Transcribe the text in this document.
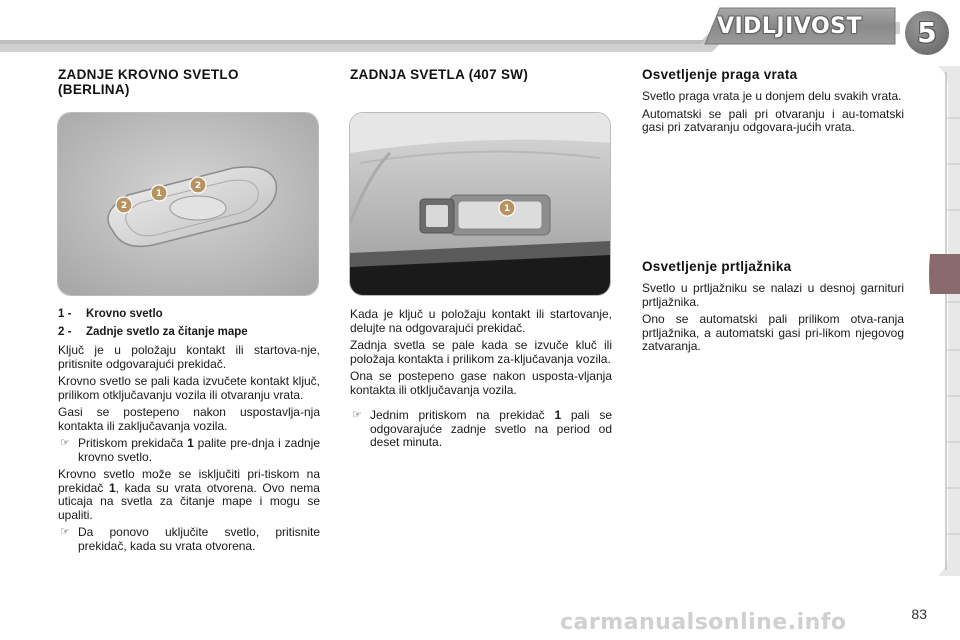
VIDLJIVOST	5
ZADNJE KROVNO SVETLO
(BERLINA)
2
1
2
1 - Krovno svetlo
2 - Zadnje svetlo za čitanje mape

Ključ je u položaju kontakt ili startova-nje, pritisnite odgovarajući prekidač.

Krovno svetlo se pali kada izvučete kontakt ključ, prilikom otključavanju vozila ili otvaranju vrata.

Gasi se postepeno nakon uspostavlja-nja kontakta ili zaključavanja vozila.

☞ Pritiskom prekidača 1 palite pre-dnja i zadnje krovno svetlo.

Krovno svetlo može se isključiti pri-tiskom na prekidač 1, kada su vrata otvorena. Ovo nema uticaja na svetla za čitanje mape i mogu se upaliti.

☞ Da ponovo uključite svetlo, pritisnite prekidač, kada su vrata otvorena.

ZADNJA SVETLA (407 SW)
1

Kada je ključ u položaju kontakt ili startovanje, delujte na odgovarajući prekidač.

Zadnja svetla se pale kada se izvuče kluč ili položaja kontakta i prilikom za-ključavanja vozila.

Ona se postepeno gase nakon usposta-vljanja kontakta ili otključavanja vozila.

☞ Jednim pritiskom na prekidač 1 pali se odgovarajuće zadnje svetlo na period od deset minuta.

Osvetljenje praga vrata

Svetlo praga vrata je u donjem delu svakih vrata.

Automatski se pali pri otvaranju i au-tomatski gasi pri zatvaranju odgovara-jućih vrata.

Osvetljenje prtljažnika

Svetlo u prtljažniku se nalazi u desnoj garnituri prtljažnika.

Ono se automatski pali prilikom otva-ranja prtljažnika, a automatski gasi pri-likom njegovog zatvaranja.

carmanualsonline.info	83
